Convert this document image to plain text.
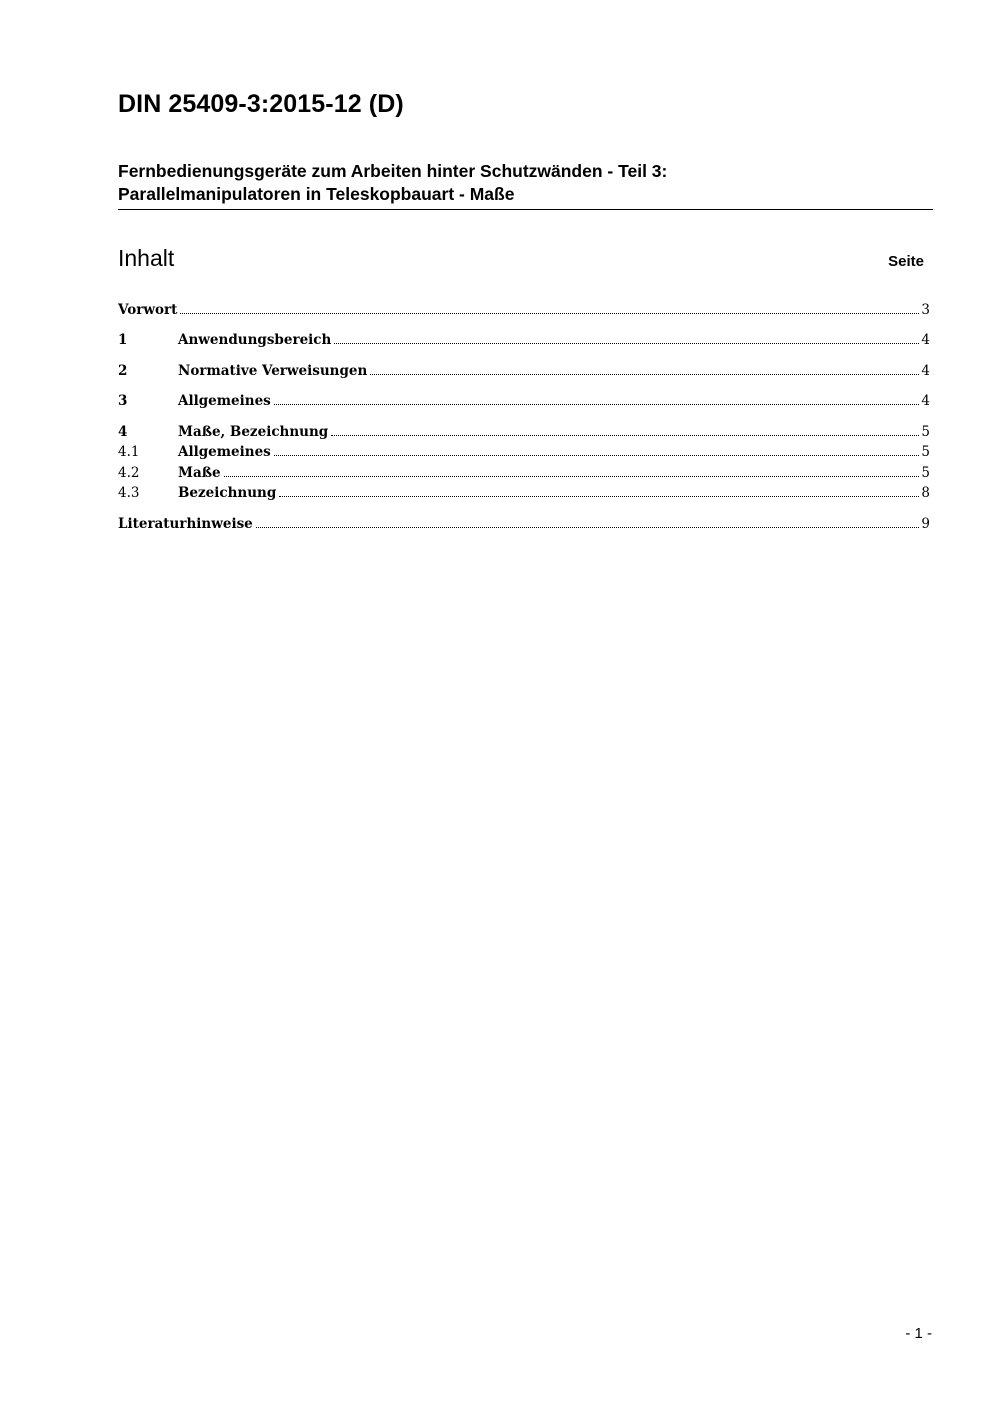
DIN 25409-3:2015-12 (D)
Fernbedienungsgeräte zum Arbeiten hinter Schutzwänden - Teil 3:
Parallelmanipulatoren in Teleskopbauart - Maße
Inhalt	Seite
Vorwort	3
1	Anwendungsbereich	4
2	Normative Verweisungen	4
3	Allgemeines	4
4	Maße, Bezeichnung	5
4.1	Allgemeines	5
4.2	Maße	5
4.3	Bezeichnung	8
Literaturhinweise	9
- 1 -
